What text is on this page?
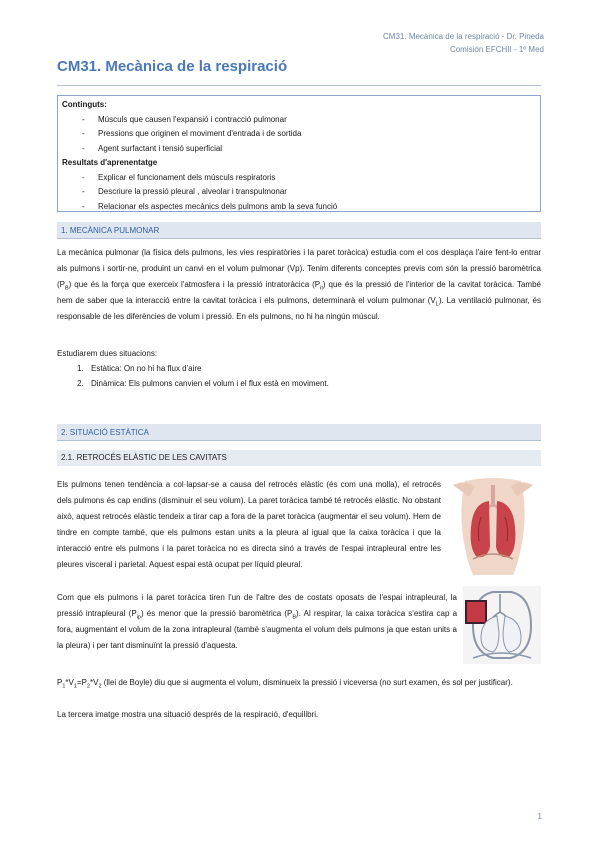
CM31. Mecànica de la respiració - Dr. Pineda
Comisión EFCHII - 1º Med
CM31. Mecànica de la respiració
Continguts:
- Músculs que causen l'expansió i contracció pulmonar
- Pressions que originen el moviment d'entrada i de sortida
- Agent surfactant i tensió superficial
Resultats d'aprenentatge
- Explicar el funcionament dels músculs respiratoris
- Descriure la pressió pleural , alveolar i transpulmonar
- Relacionar els aspectes mecànics dels pulmons amb la seva funció
1. MECÀNICA PULMONAR

La mecànica pulmonar (la física dels pulmons, les vies respiratòries i la paret toràcica) estudia com el cos desplaça l'aire fent-lo entrar als pulmons i sortir-ne, produint un canvi en el volum pulmonar (Vp). Tenim diferents conceptes previs com són la pressió baromètrica $(P_B)$ que és la força que exerceix l'atmosfera i la pressió intratoràcica $(P_{it})$ que és la pressió de l'interior de la cavitat toràcica. També hem de saber que la interacció entre la cavitat toràcica i els pulmons, determinarà el volum pulmonar $(V_L)$. La ventilació pulmonar, és responsable de les diferències de volum i pressió. En els pulmons, no hi ha ningún múscul.

Estudiarem dues situacions:
1. Estàtica: On no hi ha flux d'aire
2. Dinàmica: Els pulmons canvien el volum i el flux està en moviment.
2. SITUACIÓ ESTÀTICA
2.1. RETROCÉS ELÀSTIC DE LES CAVITATS

Els pulmons tenen tendència a col·lapsar-se a causa del retrocés elàstic (és com una molla), el retrocés dels pulmons és cap endins (disminuir el seu volum). La paret toràcica també té retrocés elàstic. No obstant això, aquest retrocés elàstic tendeix a tirar cap a fora de la paret toràcica (augmentar el seu volum). Hem de tindre en compte també, que els pulmons estan units a la pleura al igual que la caixa toràcica i que la interacció entre els pulmons i la paret toràcica no es directa sinó a través de l'espai intrapleural entre les pleures visceral i parietal. Aquest espai està ocupat per líquid pleural.

Com que els pulmons i la paret toràcica tiren l'un de l'altre des de costats oposats de l'espai intrapleural, la pressió intrapleural $(P_{ip})$ és menor que la pressió baromètrica $(P_B)$. Al respirar, la caixa toràcica s'estira cap a fora, augmentant el volum de la zona intrapleural (també s'augmenta el volum dels pulmons ja que estan units a la pleura) i per tant disminuïnt la pressió d'aquesta.

$P_1*V_1=P_2*V_2$ (llei de Boyle) diu que si augmenta el volum, disminueix la pressió i viceversa (no surt examen, és sol per justificar).

La tercera imatge mostra una situació després de la respiració, d'equilibri.

1
